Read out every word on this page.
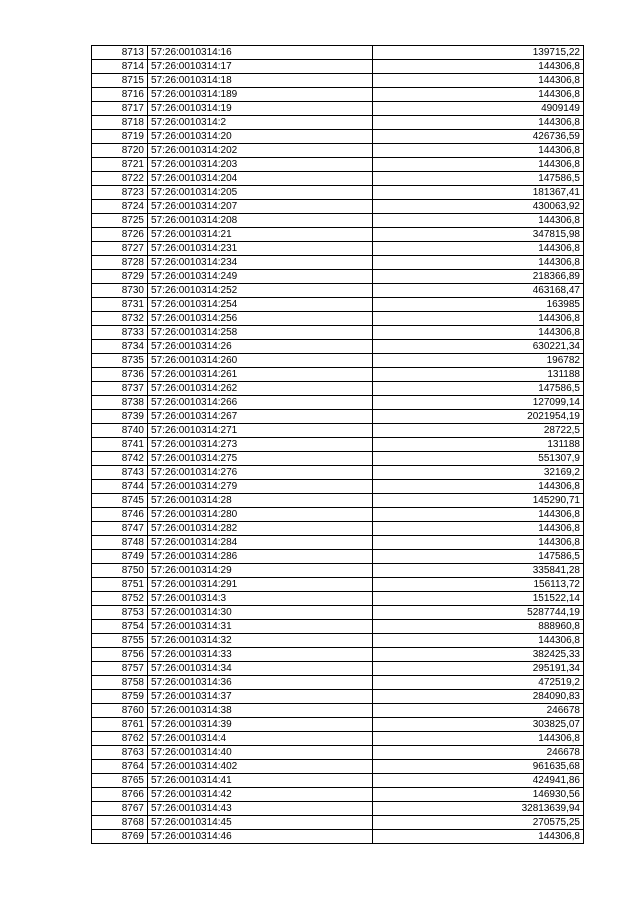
8713	57:26:0010314:16	139715,22
8714	57:26:0010314:17	144306,8
8715	57:26:0010314:18	144306,8
8716	57:26:0010314:189	144306,8
8717	57:26:0010314:19	4909149
8718	57:26:0010314:2	144306,8
8719	57:26:0010314:20	426736,59
8720	57:26:0010314:202	144306,8
8721	57:26:0010314:203	144306,8
8722	57:26:0010314:204	147586,5
8723	57:26:0010314:205	181367,41
8724	57:26:0010314:207	430063,92
8725	57:26:0010314:208	144306,8
8726	57:26:0010314:21	347815,98
8727	57:26:0010314:231	144306,8
8728	57:26:0010314:234	144306,8
8729	57:26:0010314:249	218366,89
8730	57:26:0010314:252	463168,47
8731	57:26:0010314:254	163985
8732	57:26:0010314:256	144306,8
8733	57:26:0010314:258	144306,8
8734	57:26:0010314:26	630221,34
8735	57:26:0010314:260	196782
8736	57:26:0010314:261	131188
8737	57:26:0010314:262	147586,5
8738	57:26:0010314:266	127099,14
8739	57:26:0010314:267	2021954,19
8740	57:26:0010314:271	28722,5
8741	57:26:0010314:273	131188
8742	57:26:0010314:275	551307,9
8743	57:26:0010314:276	32169,2
8744	57:26:0010314:279	144306,8
8745	57:26:0010314:28	145290,71
8746	57:26:0010314:280	144306,8
8747	57:26:0010314:282	144306,8
8748	57:26:0010314:284	144306,8
8749	57:26:0010314:286	147586,5
8750	57:26:0010314:29	335841,28
8751	57:26:0010314:291	156113,72
8752	57:26:0010314:3	151522,14
8753	57:26:0010314:30	5287744,19
8754	57:26:0010314:31	888960,8
8755	57:26:0010314:32	144306,8
8756	57:26:0010314:33	382425,33
8757	57:26:0010314:34	295191,34
8758	57:26:0010314:36	472519,2
8759	57:26:0010314:37	284090,83
8760	57:26:0010314:38	246678
8761	57:26:0010314:39	303825,07
8762	57:26:0010314:4	144306,8
8763	57:26:0010314:40	246678
8764	57:26:0010314:402	961635,68
8765	57:26:0010314:41	424941,86
8766	57:26:0010314:42	146930,56
8767	57:26:0010314:43	32813639,94
8768	57:26:0010314:45	270575,25
8769	57:26:0010314:46	144306,8
